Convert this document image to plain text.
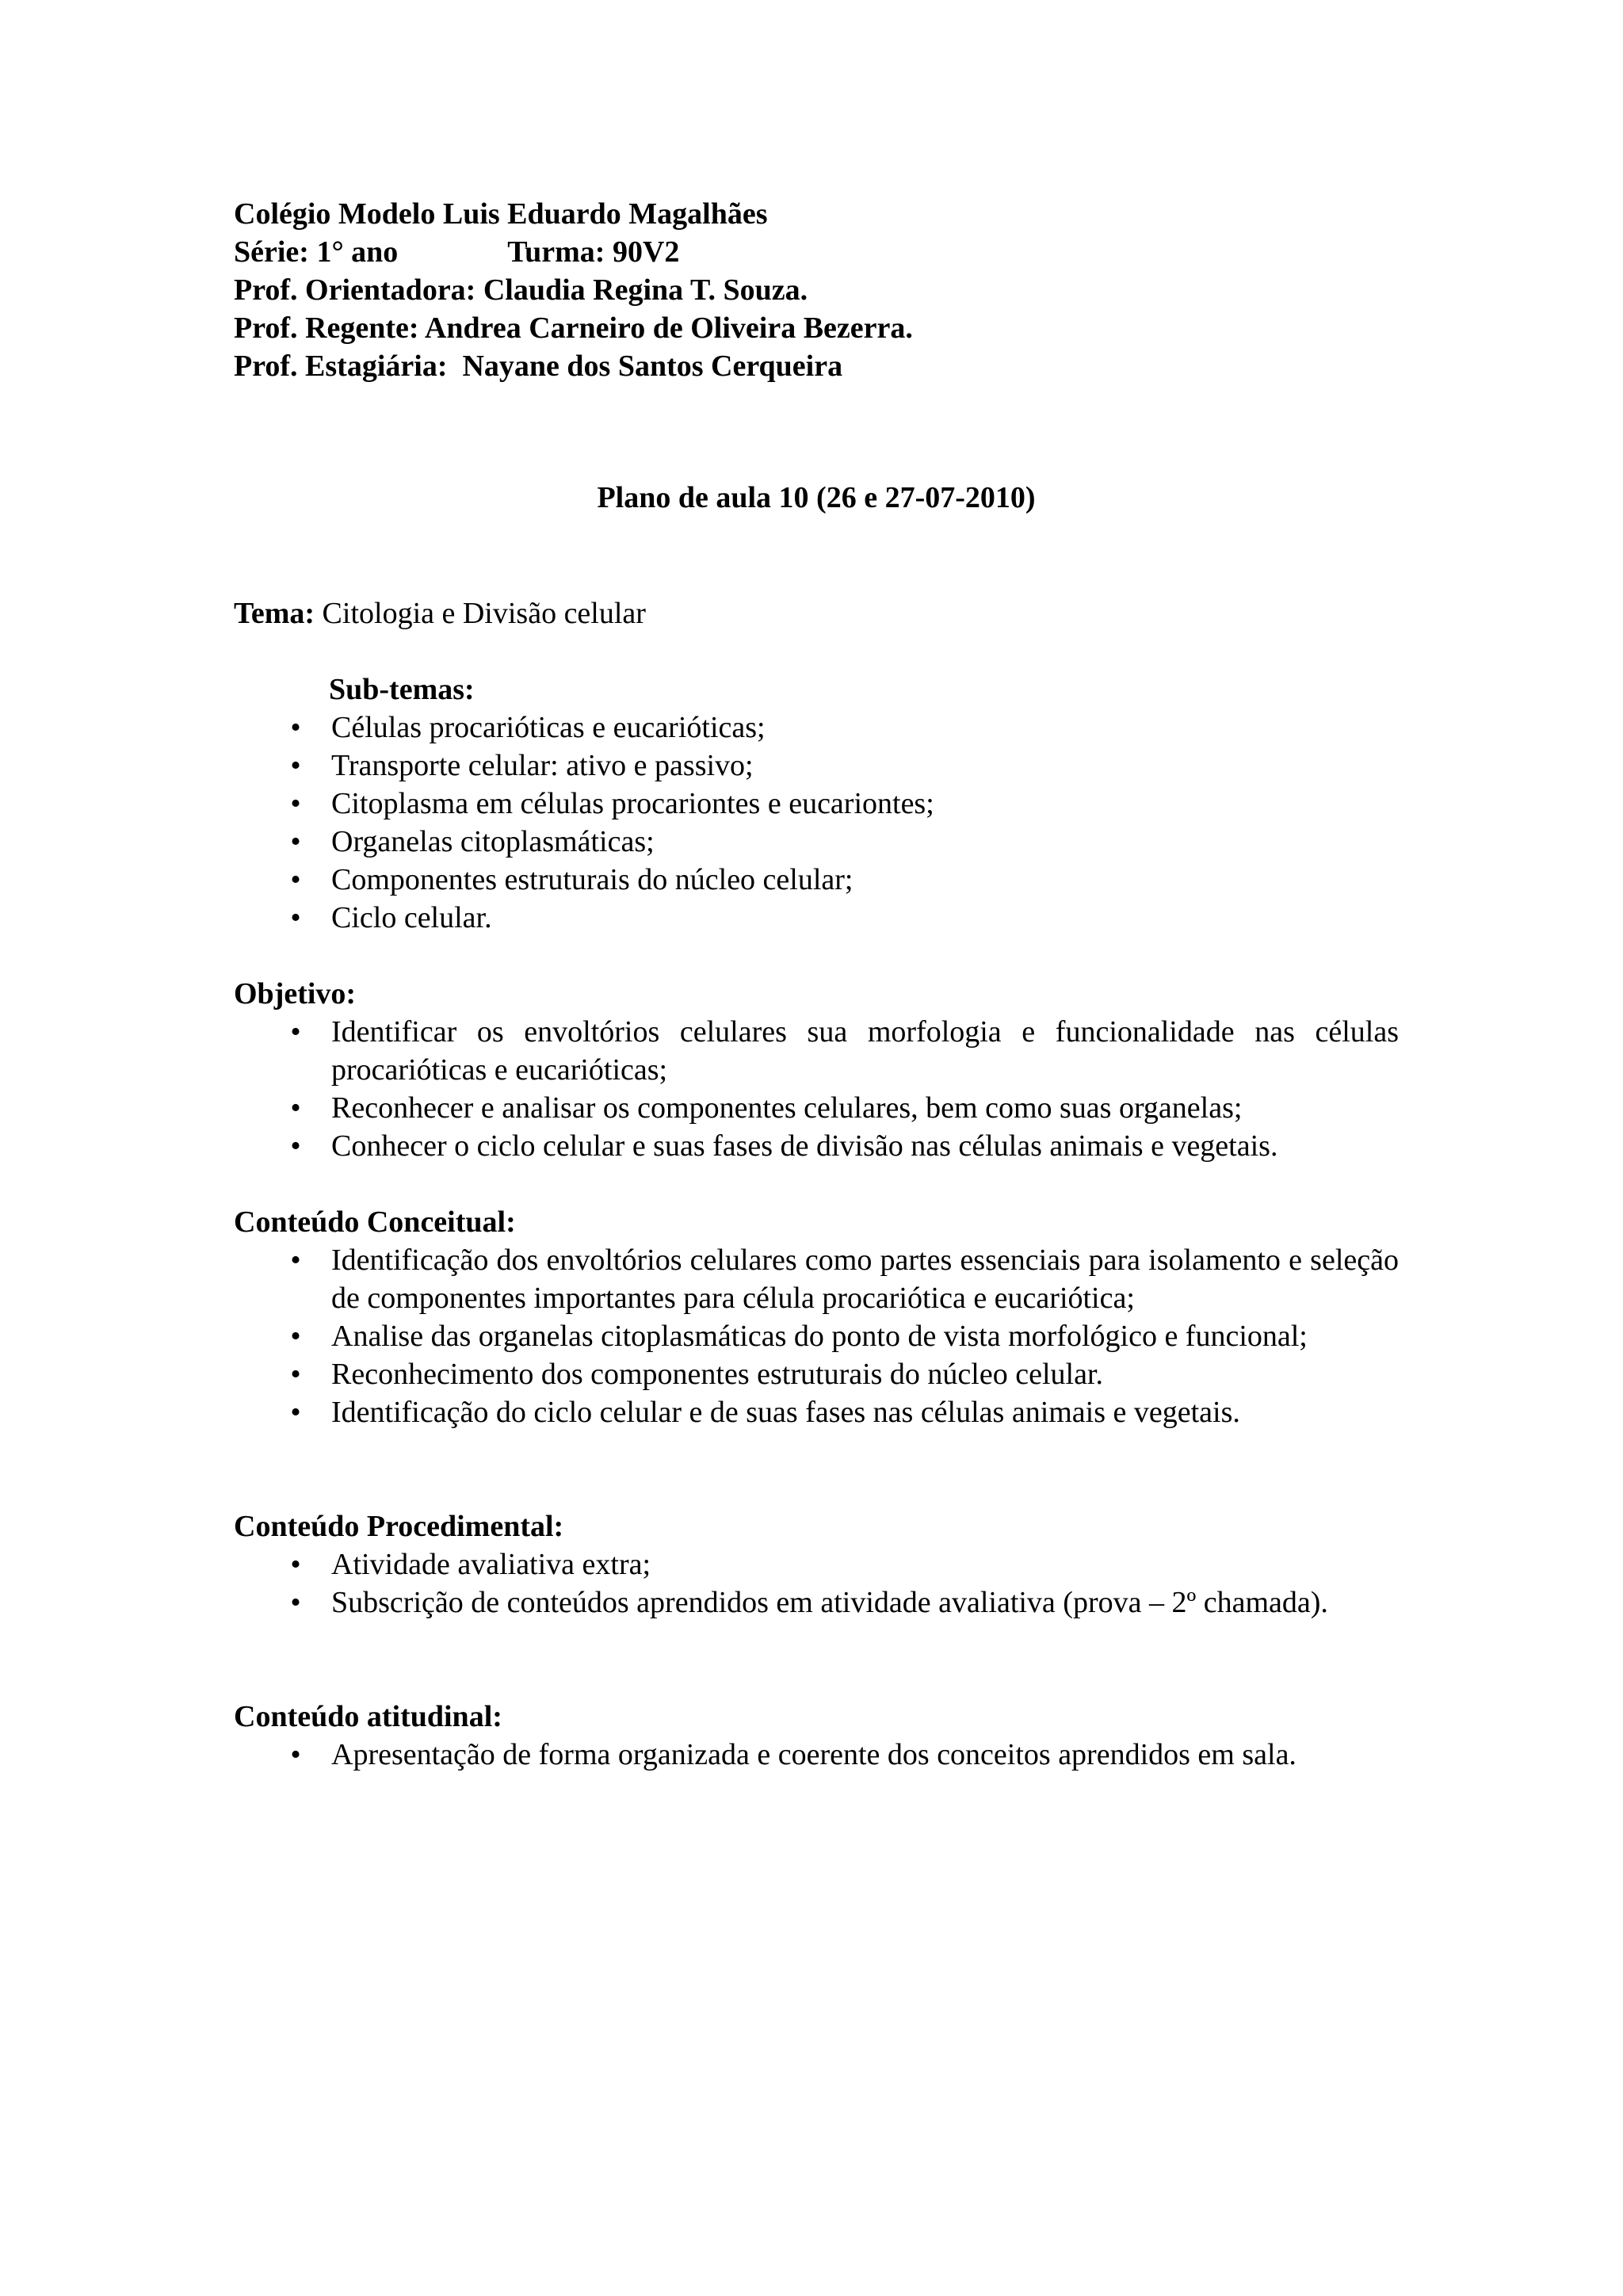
Colégio Modelo Luis Eduardo Magalhães
Série: 1° ano	Turma: 90V2
Prof. Orientadora: Claudia Regina T. Souza.
Prof. Regente: Andrea Carneiro de Oliveira Bezerra.
Prof. Estagiária:  Nayane dos Santos Cerqueira
Plano de aula 10 (26 e 27-07-2010)
Tema: Citologia e Divisão celular
Sub-temas:
• Células procarióticas e eucarióticas;
• Transporte celular: ativo e passivo;
• Citoplasma em células procariontes e eucariontes;
• Organelas citoplasmáticas;
• Componentes estruturais do núcleo celular;
• Ciclo celular.
Objetivo:
• Identificar os envoltórios celulares sua morfologia e funcionalidade nas células procarióticas e eucarióticas;
• Reconhecer e analisar os componentes celulares, bem como suas organelas;
• Conhecer o ciclo celular e suas fases de divisão nas células animais e vegetais.
Conteúdo Conceitual:
• Identificação dos envoltórios celulares como partes essenciais para isolamento e seleção de componentes importantes para célula procariótica e eucariótica;
• Analise das organelas citoplasmáticas do ponto de vista morfológico e funcional;
• Reconhecimento dos componentes estruturais do núcleo celular.
• Identificação do ciclo celular e de suas fases nas células animais e vegetais.
Conteúdo Procedimental:
• Atividade avaliativa extra;
• Subscrição de conteúdos aprendidos em atividade avaliativa (prova – 2º chamada).
Conteúdo atitudinal:
• Apresentação de forma organizada e coerente dos conceitos aprendidos em sala.
